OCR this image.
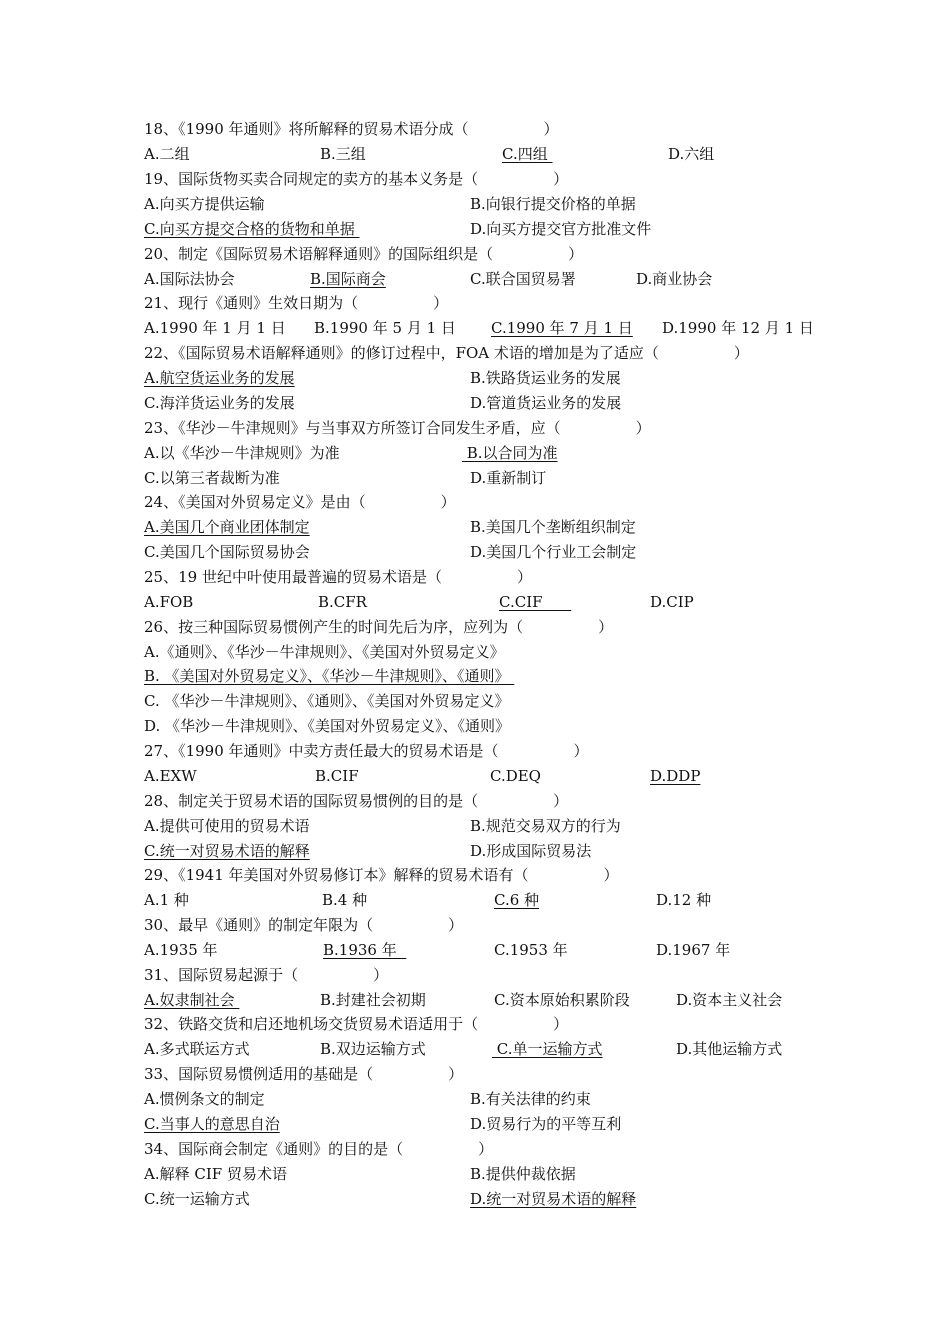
18、《1990 年通则》将所解释的贸易术语分成（　　　　　）
A.二组	B.三组	C.四组	D.六组
19、国际货物买卖合同规定的卖方的基本义务是（　　　　　）
A.向买方提供运输	B.向银行提交价格的单据
C.向买方提交合格的货物和单据	D.向买方提交官方批准文件
20、制定《国际贸易术语解释通则》的国际组织是（　　　　　）
A.国际法协会	B.国际商会	C.联合国贸易署	D.商业协会
21、现行《通则》生效日期为（　　　　　）
A.1990 年 1 月 1 日 B.1990 年 5 月 1 日 C.1990 年 7 月 1 日 D.1990 年 12 月 1 日
22、《国际贸易术语解释通则》的修订过程中，FOA 术语的增加是为了适应（　　　　　）
A.航空货运业务的发展	B.铁路货运业务的发展
C.海洋货运业务的发展	D.管道货运业务的发展
23、《华沙－牛津规则》与当事双方所签订合同发生矛盾，应（　　　　　）
A.以《华沙－牛津规则》为准	B.以合同为准
C.以第三者裁断为准	D.重新制订
24、《美国对外贸易定义》是由（　　　　　）
A.美国几个商业团体制定	B.美国几个垄断组织制定
C.美国几个国际贸易协会	D.美国几个行业工会制定
25、19 世纪中叶使用最普遍的贸易术语是（　　　　　）
A.FOB	B.CFR	C.CIF	D.CIP
26、按三种国际贸易惯例产生的时间先后为序，应列为（　　　　　）
A.《通则》、《华沙－牛津规则》、《美国对外贸易定义》
B. 《美国对外贸易定义》、《华沙－牛津规则》、《通则》
C. 《华沙－牛津规则》、《通则》、《美国对外贸易定义》
D. 《华沙－牛津规则》、《美国对外贸易定义》、《通则》
27、《1990 年通则》中卖方责任最大的贸易术语是（　　　　　）
A.EXW	B.CIF	C.DEQ	D.DDP
28、制定关于贸易术语的国际贸易惯例的目的是（　　　　　）
A.提供可使用的贸易术语	B.规范交易双方的行为
C.统一对贸易术语的解释	D.形成国际贸易法
29、《1941 年美国对外贸易修订本》解释的贸易术语有（　　　　　）
A.1 种	B.4 种	C.6 种	D.12 种
30、最早《通则》的制定年限为（　　　　　）
A.1935 年	B.1936 年	C.1953 年	D.1967 年
31、国际贸易起源于（　　　　　）
A.奴隶制社会	B.封建社会初期	C.资本原始积累阶段	D.资本主义社会
32、铁路交货和启还地机场交货贸易术语适用于（　　　　　）
A.多式联运方式	B.双边运输方式	C.单一运输方式	D.其他运输方式
33、国际贸易惯例适用的基础是（　　　　　）
A.惯例条文的制定	B.有关法律的约束
C.当事人的意思自治	D.贸易行为的平等互利
34、国际商会制定《通则》的目的是（　　　　　）
A.解释 CIF 贸易术语	B.提供仲裁依据
C.统一运输方式	D.统一对贸易术语的解释
